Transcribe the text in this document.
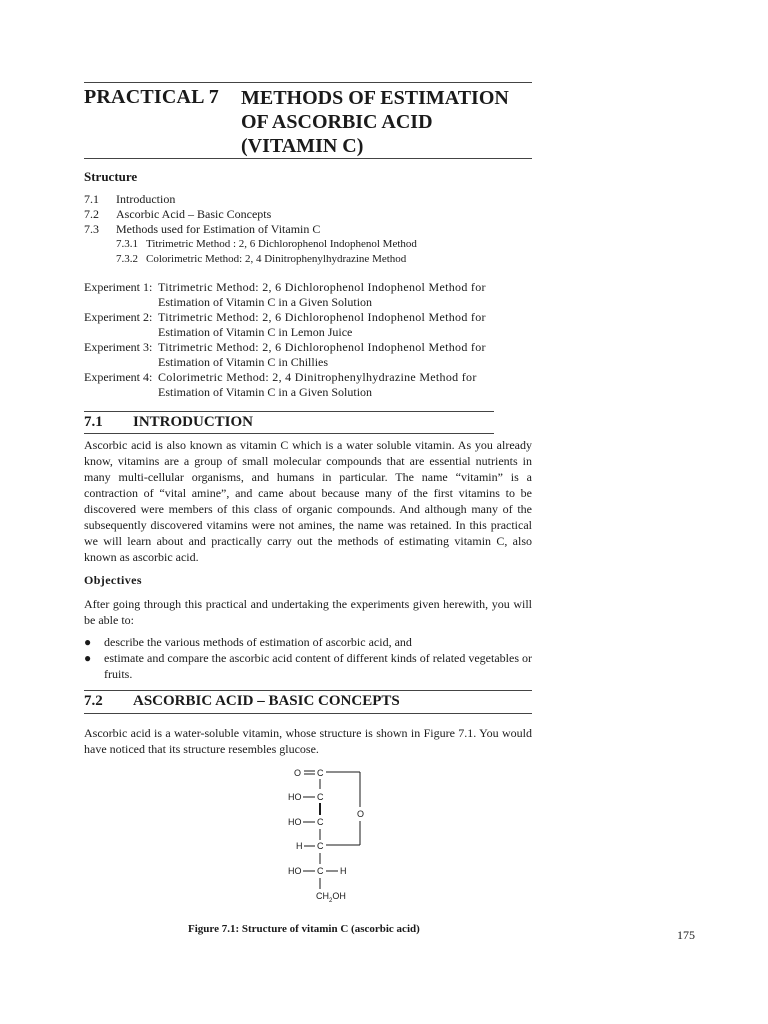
PRACTICAL 7 METHODS OF ESTIMATION
OF ASCORBIC ACID
(VITAMIN C)
Structure
7.1	Introduction
7.2	Ascorbic Acid – Basic Concepts
7.3	Methods used for Estimation of Vitamin C
7.3.1 Titrimetric Method : 2, 6 Dichlorophenol Indophenol Method
7.3.2 Colorimetric Method: 2, 4 Dinitrophenylhydrazine Method
Experiment 1: Titrimetric Method: 2, 6 Dichlorophenol Indophenol Method for
Estimation of Vitamin C in a Given Solution
Experiment 2: Titrimetric Method: 2, 6 Dichlorophenol Indophenol Method for
Estimation of Vitamin C in Lemon Juice
Experiment 3: Titrimetric Method: 2, 6 Dichlorophenol Indophenol Method for
Estimation of Vitamin C in Chillies
Experiment 4: Colorimetric Method: 2, 4 Dinitrophenylhydrazine Method for
Estimation of Vitamin C in a Given Solution
7.1	INTRODUCTION
Ascorbic acid is also known as vitamin C which is a water soluble vitamin. As you already know, vitamins are a group of small molecular compounds that are essential nutrients in many multi-cellular organisms, and humans in particular. The name “vitamin” is a contraction of “vital amine”, and came about because many of the first vitamins to be discovered were members of this class of organic compounds. And although many of the subsequently discovered vitamins were not amines, the name was retained. In this practical we will learn about and practically carry out the methods of estimating vitamin C, also known as ascorbic acid.
Objectives
After going through this practical and undertaking the experiments given herewith, you will be able to:
●	describe the various methods of estimation of ascorbic acid, and
●	estimate and compare the ascorbic acid content of different kinds of related vegetables or fruits.
7.2	ASCORBIC ACID – BASIC CONCEPTS
Ascorbic acid is a water-soluble vitamin, whose structure is shown in Figure 7.1. You would have noticed that its structure resembles glucose.
O C
O
HO C
HO C
H C
HO C H
$CH_2OH$
Figure 7.1: Structure of vitamin C (ascorbic acid)	175
